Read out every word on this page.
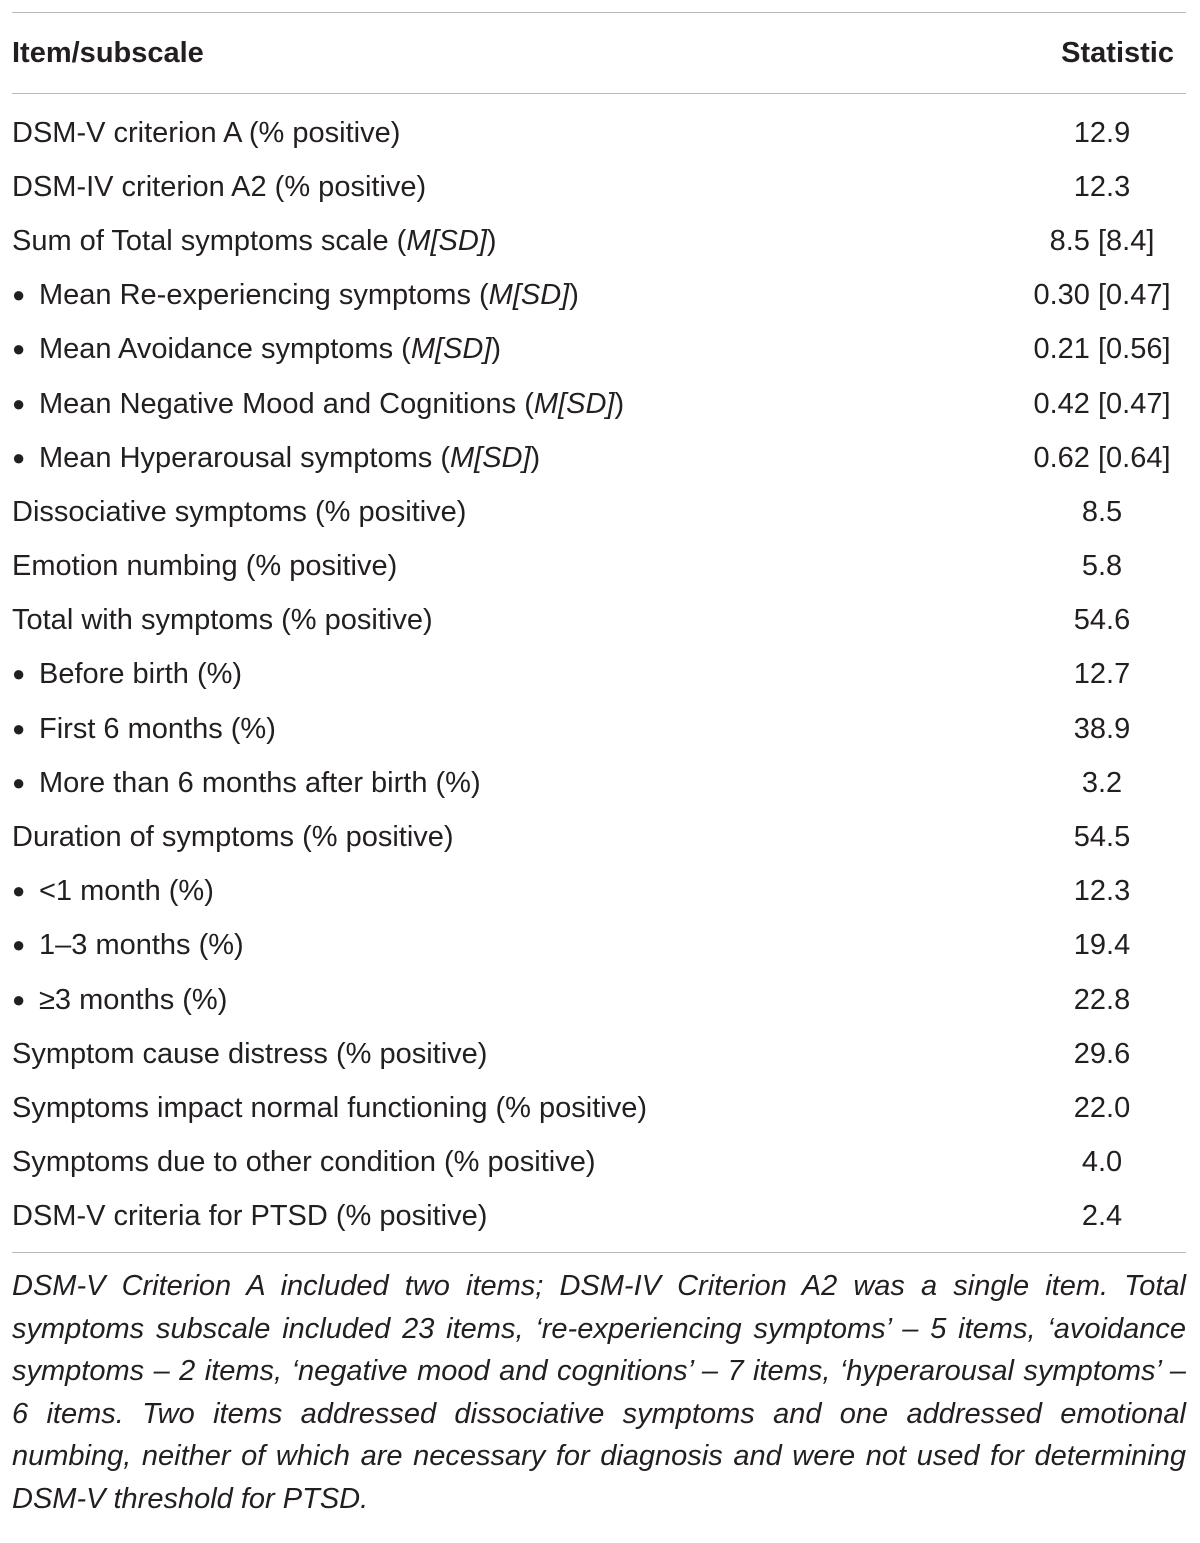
Item/subscale	Statistic
DSM-V criterion A (% positive)	12.9
DSM-IV criterion A2 (% positive)	12.3
Sum of Total symptoms scale (M[SD])	8.5 [8.4]
● Mean Re-experiencing symptoms (M[SD])	0.30 [0.47]
● Mean Avoidance symptoms (M[SD])	0.21 [0.56]
● Mean Negative Mood and Cognitions (M[SD])	0.42 [0.47]
● Mean Hyperarousal symptoms (M[SD])	0.62 [0.64]
Dissociative symptoms (% positive)	8.5
Emotion numbing (% positive)	5.8
Total with symptoms (% positive)	54.6
● Before birth (%)	12.7
● First 6 months (%)	38.9
● More than 6 months after birth (%)	3.2
Duration of symptoms (% positive)	54.5
● <1 month (%)	12.3
● 1–3 months (%)	19.4
● ≥3 months (%)	22.8
Symptom cause distress (% positive)	29.6
Symptoms impact normal functioning (% positive)	22.0
Symptoms due to other condition (% positive)	4.0
DSM-V criteria for PTSD (% positive)	2.4
DSM-V Criterion A included two items; DSM-IV Criterion A2 was a single item. Total symptoms subscale included 23 items, ‘re-experiencing symptoms’ – 5 items, ‘avoidance symptoms – 2 items, ‘negative mood and cognitions’ – 7 items, ‘hyperarousal symptoms’ – 6 items. Two items addressed dissociative symptoms and one addressed emotional numbing, neither of which are necessary for diagnosis and were not used for determining DSM-V threshold for PTSD.
